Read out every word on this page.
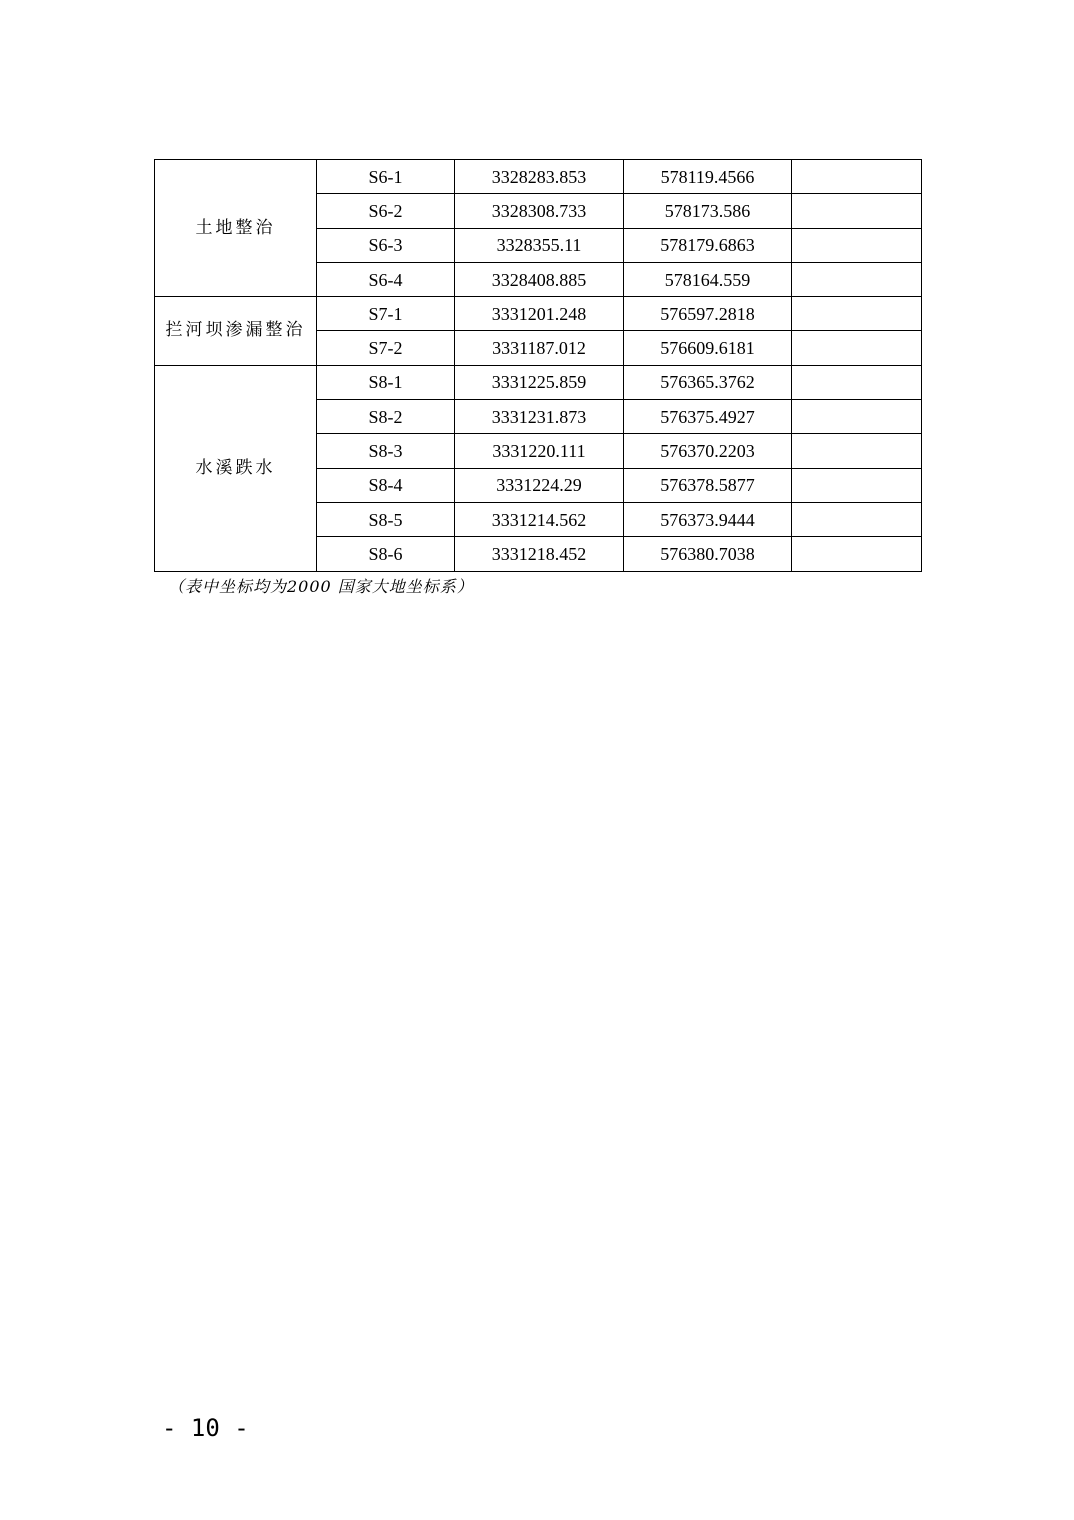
土地整治	S6-1	3328283.853	578119.4566	
	S6-2	3328308.733	578173.586	
	S6-3	3328355.11	578179.6863	
	S6-4	3328408.885	578164.559	
拦河坝渗漏整治	S7-1	3331201.248	576597.2818	
	S7-2	3331187.012	576609.6181	
水溪跌水	S8-1	3331225.859	576365.3762	
	S8-2	3331231.873	576375.4927	
	S8-3	3331220.111	576370.2203	
	S8-4	3331224.29	576378.5877	
	S8-5	3331214.562	576373.9444	
	S8-6	3331218.452	576380.7038	
（表中坐标均为2000 国家大地坐标系）
- 10 -
